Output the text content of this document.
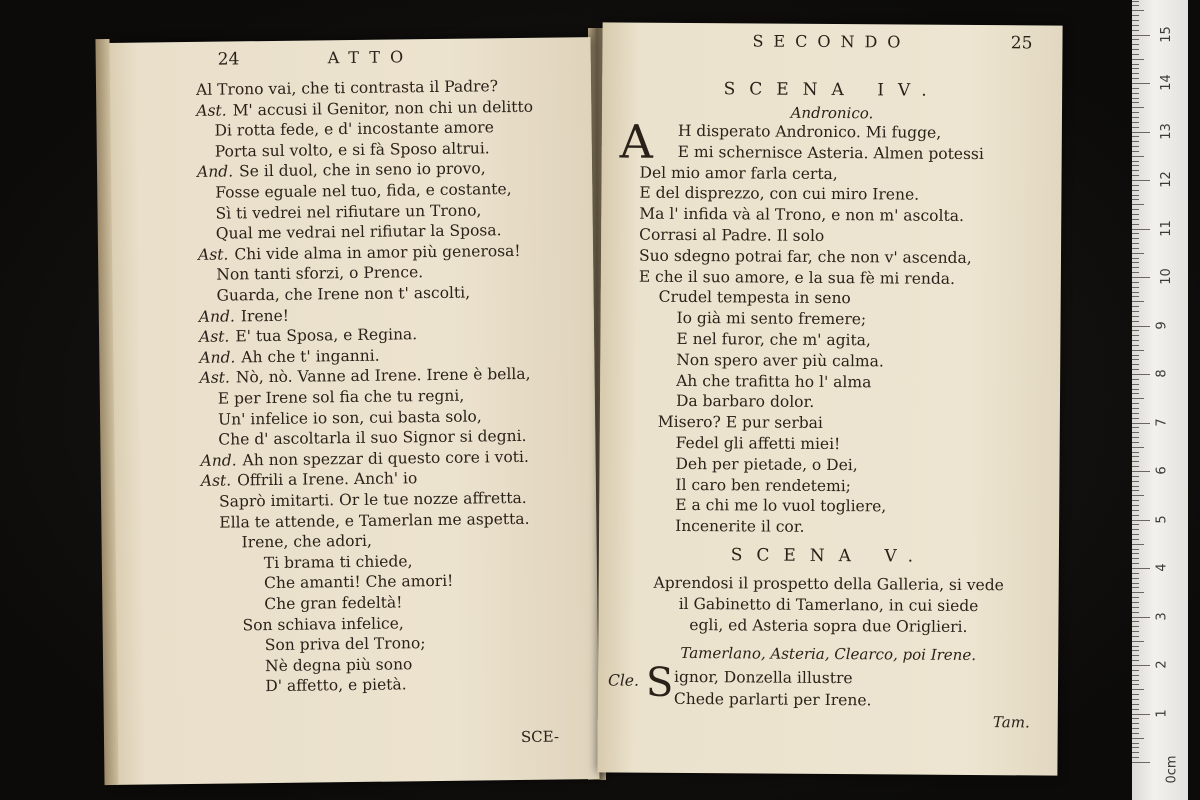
24	ATTO
Al Trono vai, che ti contrasta il Padre?
Ast. M' accusi il Genitor, non chi un delitto
Di rotta fede, e d' incostante amore
Porta sul volto, e si fà Sposo altrui.
And. Se il duol, che in seno io provo,
Fosse eguale nel tuo, fida, e costante,
Sì ti vedrei nel rifiutare un Trono,
Qual me vedrai nel rifiutar la Sposa.
Ast. Chi vide alma in amor più generosa!
Non tanti sforzi, o Prence.
Guarda, che Irene non t' ascolti,
And. Irene!
Ast. E' tua Sposa, e Regina.
And. Ah che t' inganni.
Ast. Nò, nò. Vanne ad Irene. Irene è bella,
E per Irene sol fia che tu regni,
Un' infelice io son, cui basta solo,
Che d' ascoltarla il suo Signor si degni.
And. Ah non spezzar di questo core i voti.
Ast. Offrili a Irene. Anch' io
Saprò imitarti. Or le tue nozze affretta.
Ella te attende, e Tamerlan me aspetta.
Irene, che adori,
Ti brama ti chiede,
Che amanti! Che amori!
Che gran fedeltà!
Son schiava infelice,
Son priva del Trono;
Nè degna più sono
D' affetto, e pietà.
SCE-
SECONDO	25
SCENA IV.
Andronico.
A H disperato Andronico. Mi fugge,
E mi schernisce Asteria. Almen potessi
Del mio amor farla certa,
E del disprezzo, con cui miro Irene.
Ma l' infida và al Trono, e non m' ascolta.
Corrasi al Padre. Il solo
Suo sdegno potrai far, che non v' ascenda,
E che il suo amore, e la sua fè mi renda.
Crudel tempesta in seno
Io già mi sento fremere;
E nel furor, che m' agita,
Non spero aver più calma.
Ah che trafitta ho l' alma
Da barbaro dolor.
Misero? E pur serbai
Fedel gli affetti miei!
Deh per pietade, o Dei,
Il caro ben rendetemi;
E a chi me lo vuol togliere,
Incenerite il cor.
SCENA V.
Aprendosi il prospetto della Galleria, si vede
il Gabinetto di Tamerlano, in cui siede
egli, ed Asteria sopra due Origlieri.
Tamerlano, Asteria, Clearco, poi Irene.
Cle. S ignor, Donzella illustre
Chede parlarti per Irene.
Tam.
0cm
1
2
3
4
5
6
7
8
9
10
11
12
13
14
15
